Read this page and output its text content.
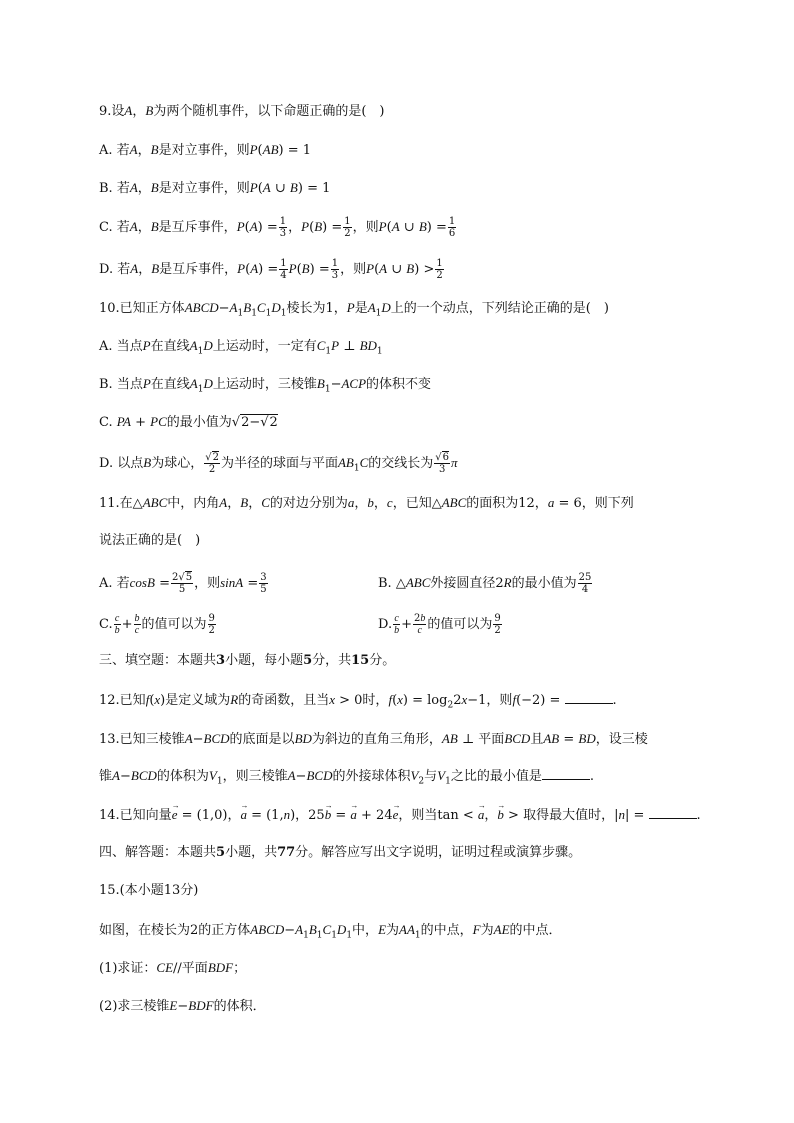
9.设A，B为两个随机事件，以下命题正确的是(　)
A. 若A，B是对立事件，则P(AB) = 1
B. 若A，B是对立事件，则P(A ∪ B) = 1
C. 若A，B是互斥事件，$P(A) = \frac{1}{3}$ ，$P(B) = \frac{1}{2}$ ，则P(A ∪ $B) = \frac{1}{6}$
D. 若A，B是互斥事件，$P(A) = \frac{1}{4} P(B) = \frac{1}{3}$ ，则P(A ∪ $B) > \frac{1}{2}$
10.已知正方体$ABCD-A_1B_1C_1D_1$棱长为1，P是$A_1D$上的一个动点，下列结论正确的是(　)
A. 当点P在直线$A_1D$上运动时，一定有$C_1P$ ⊥ $BD_1$
B. 当点P在直线$A_1D$上运动时，三棱锥$B_1-ACP$的体积不变
C. PA + PC的最小值为√2−√2
D. 以点B为球心， $\frac{√2}{2}$ 为半径的球面与平面$AB_1C$的交线长为 $\frac{√6}{3}$ π
11.在△ABC中，内角A，B，C的对边分别为a，b，c，已知△ABC的面积为12，a = 6，则下列
说法正确的是(　)
A. 若$\cos B = \frac{2√5}{5}$ ，则$\sin A = \frac{3}{5}$	B. △ABC外接圆直径2R的最小值为 $\frac{25}{4}$
C. $\frac{c}{b} + \frac{b}{c}$ 的值可以为 $\frac{9}{2}$	D. $\frac{c}{b} + \frac{2b}{c}$ 的值可以为 $\frac{9}{2}$
三、填空题：本题共3小题，每小题5分，共15分。
12.已知f(x)是定义域为R的奇函数，且当x > 0时，$f(x) = \log_22x-1$，则f(−2) =	.
13.已知三棱锥A−BCD的底面是以BD为斜边的直角三角形，AB ⊥ 平面BCD且AB = BD，设三棱
锥A−BCD的体积为$V_1$，则三棱锥A−BCD的外接球体积$V_2$与$V_1$之比的最小值是	.
14.已知向量→ e = (1,0)，→ a = (1,n)，25→ b = → a + 24→ e，则当tan < → a，→ b > 取得最大值时，|n| =	.
四、解答题：本题共5小题，共77分。解答应写出文字说明，证明过程或演算步骤。
15.(本小题13分)
如图，在棱长为2的正方体$ABCD-A_1B_1C_1D_1$中，E为$AA_1$的中点，F为AE的中点．
(1)求证：CE//平面BDF；
(2)求三棱锥E−BDF的体积．
